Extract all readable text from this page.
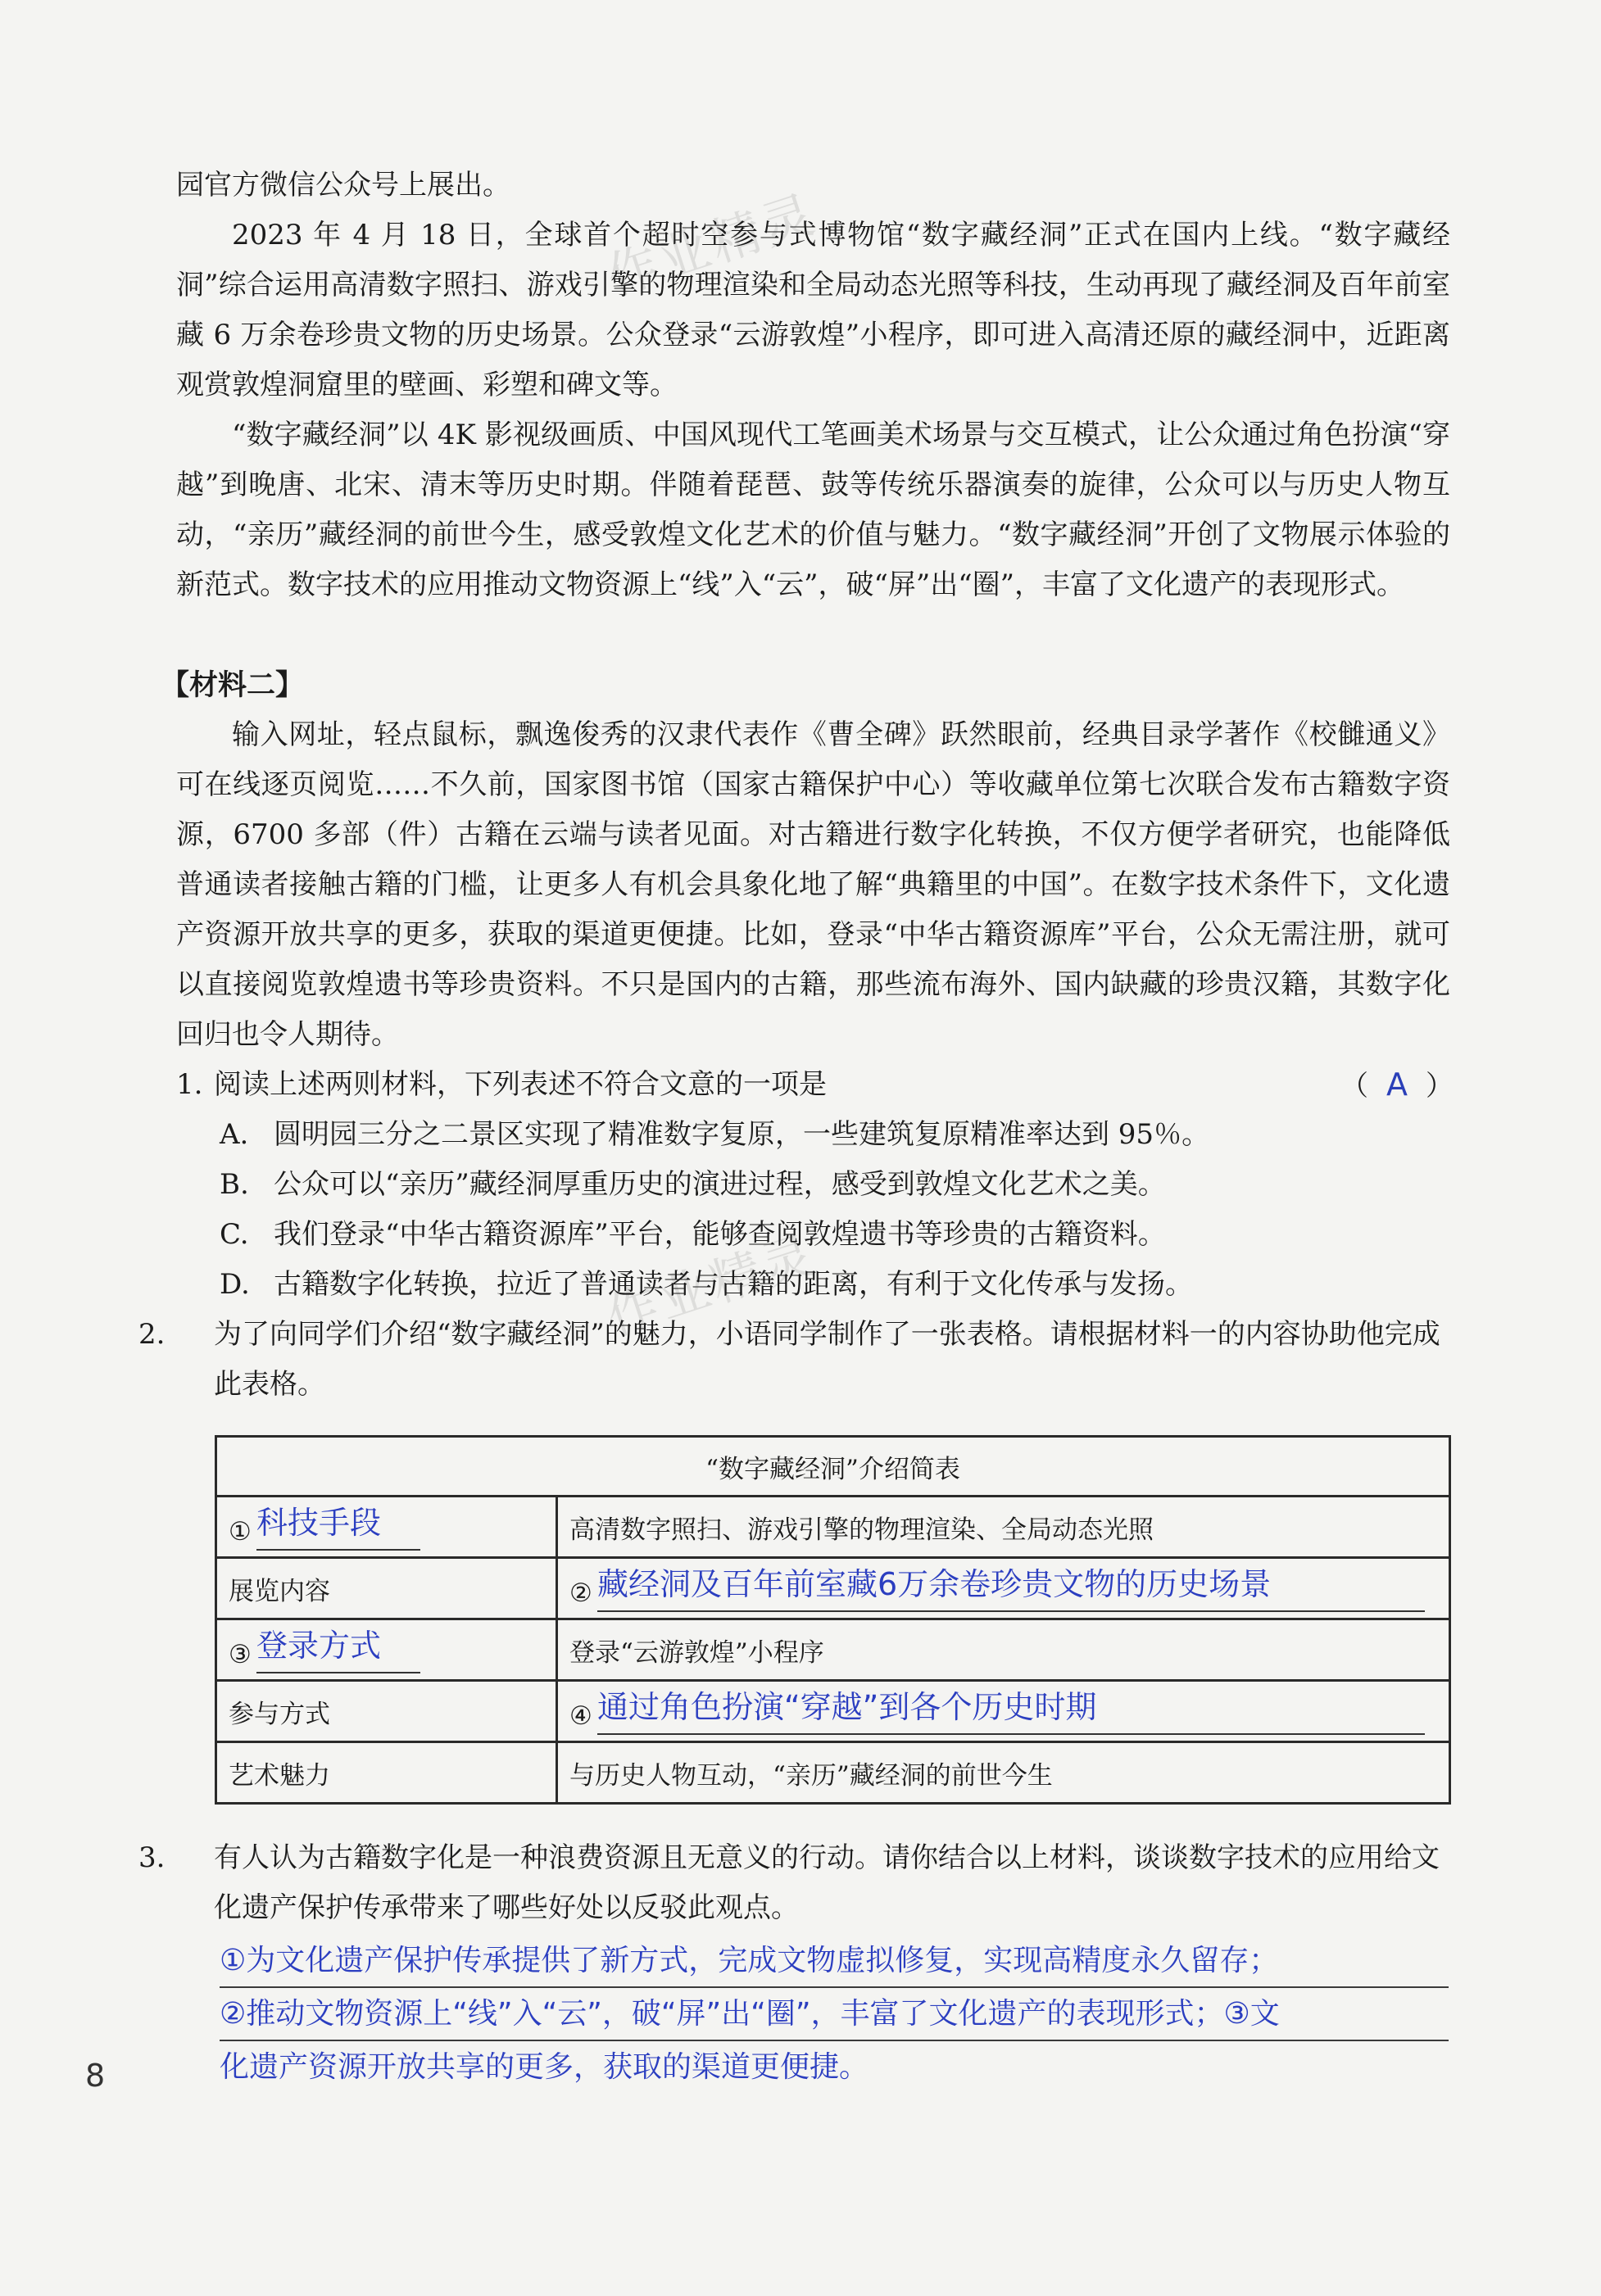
作业精灵
作业精灵
园官方微信公众号上展出。
2023 年 4 月 18 日，全球首个超时空参与式博物馆“数字藏经洞”正式在国内上线。“数字藏经洞”综合运用高清数字照扫、游戏引擎的物理渲染和全局动态光照等科技，生动再现了藏经洞及百年前室藏 6 万余卷珍贵文物的历史场景。公众登录“云游敦煌”小程序，即可进入高清还原的藏经洞中，近距离观赏敦煌洞窟里的壁画、彩塑和碑文等。
“数字藏经洞”以 4K 影视级画质、中国风现代工笔画美术场景与交互模式，让公众通过角色扮演“穿越”到晚唐、北宋、清末等历史时期。伴随着琵琶、鼓等传统乐器演奏的旋律，公众可以与历史人物互动，“亲历”藏经洞的前世今生，感受敦煌文化艺术的价值与魅力。“数字藏经洞”开创了文物展示体验的新范式。数字技术的应用推动文物资源上“线”入“云”，破“屏”出“圈”，丰富了文化遗产的表现形式。
【材料二】
输入网址，轻点鼠标，飘逸俊秀的汉隶代表作《曹全碑》跃然眼前，经典目录学著作《校雠通义》可在线逐页阅览……不久前，国家图书馆（国家古籍保护中心）等收藏单位第七次联合发布古籍数字资源，6700 多部（件）古籍在云端与读者见面。对古籍进行数字化转换，不仅方便学者研究，也能降低普通读者接触古籍的门槛，让更多人有机会具象化地了解“典籍里的中国”。在数字技术条件下，文化遗产资源开放共享的更多，获取的渠道更便捷。比如，登录“中华古籍资源库”平台，公众无需注册，就可以直接阅览敦煌遗书等珍贵资料。不只是国内的古籍，那些流布海外、国内缺藏的珍贵汉籍，其数字化回归也令人期待。
1. 阅读上述两则材料，下列表述不符合文意的一项是	（ A ）
A. 圆明园三分之二景区实现了精准数字复原，一些建筑复原精准率达到 95％。
B. 公众可以“亲历”藏经洞厚重历史的演进过程，感受到敦煌文化艺术之美。
C. 我们登录“中华古籍资源库”平台，能够查阅敦煌遗书等珍贵的古籍资料。
D. 古籍数字化转换，拉近了普通读者与古籍的距离，有利于文化传承与发扬。
2. 为了向同学们介绍“数字藏经洞”的魅力，小语同学制作了一张表格。请根据材料一的内容协助他完成此表格。
“数字藏经洞”介绍简表	
① 科技手段	高清数字照扫、游戏引擎的物理渲染、全局动态光照
展览内容	② 藏经洞及百年前室藏6万余卷珍贵文物的历史场景
③ 登录方式	登录“云游敦煌”小程序
参与方式	④ 通过角色扮演“穿越”到各个历史时期
艺术魅力	与历史人物互动，“亲历”藏经洞的前世今生
3. 有人认为古籍数字化是一种浪费资源且无意义的行动。请你结合以上材料，谈谈数字技术的应用给文化遗产保护传承带来了哪些好处以反驳此观点。
①为文化遗产保护传承提供了新方式，完成文物虚拟修复，实现高精度永久留存；
②推动文物资源上“线”入“云”，破“屏”出“圈”，丰富了文化遗产的表现形式；③文
化遗产资源开放共享的更多，获取的渠道更便捷。
8
